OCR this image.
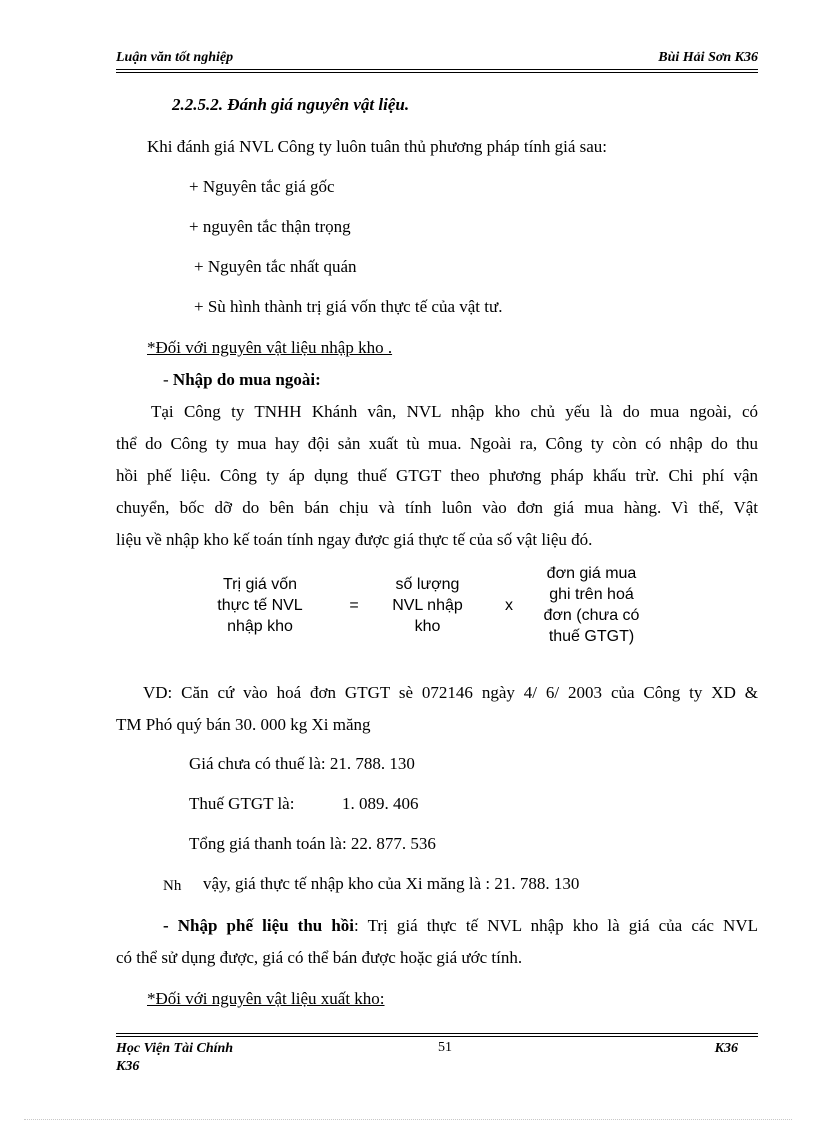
Luận văn tốt nghiệp	Bùi Hải Sơn K36
2.2.5.2. Đánh giá nguyên vật liệu.
Khi đánh giá NVL Công ty luôn tuân thủ phương pháp tính giá sau:
+ Nguyên tắc giá gốc
+ nguyên tắc thận trọng
+ Nguyên tắc nhất quán
+ Sù hình thành trị giá vốn thực tế của vật tư.
*Đối với nguyên vật liệu nhập kho .
- Nhập do mua ngoài:
Tại Công ty TNHH Khánh vân, NVL nhập kho chủ yếu là do mua ngoài, có
thể do Công ty mua hay đội sản xuất tù mua. Ngoài ra, Công ty còn có nhập do thu
hồi phế liệu. Công ty áp dụng thuế GTGT theo phương pháp khấu trừ. Chi phí vận
chuyển, bốc dỡ do bên bán chịu và tính luôn vào đơn giá mua hàng. Vì thế, Vật
liệu về nhập kho kế toán tính ngay được giá thực tế của số vật liệu đó.
Trị giá vốn
thực tế NVL
nhập kho
=
số lượng
NVL nhập
kho
x
đơn giá mua
ghi trên hoá
đơn (chưa có
thuế GTGT)
VD: Căn cứ vào hoá đơn GTGT sè 072146 ngày 4/ 6/ 2003 của Công ty XD &
TM Phó quý bán 30. 000 kg Xi măng
Giá chưa có thuế là: 21. 788. 130
Thuế GTGT là:	1. 089. 406
Tổng giá thanh toán là: 22. 877. 536
Nh vậy, giá thực tế nhập kho của Xi măng là : 21. 788. 130
- Nhập phế liệu thu hồi: Trị giá thực tế NVL nhập kho là giá của các NVL
có thể sử dụng được, giá có thể bán được hoặc giá ước tính.
*Đối với nguyên vật liệu xuất kho:
Học Viện Tài Chính
K36
51	K36
